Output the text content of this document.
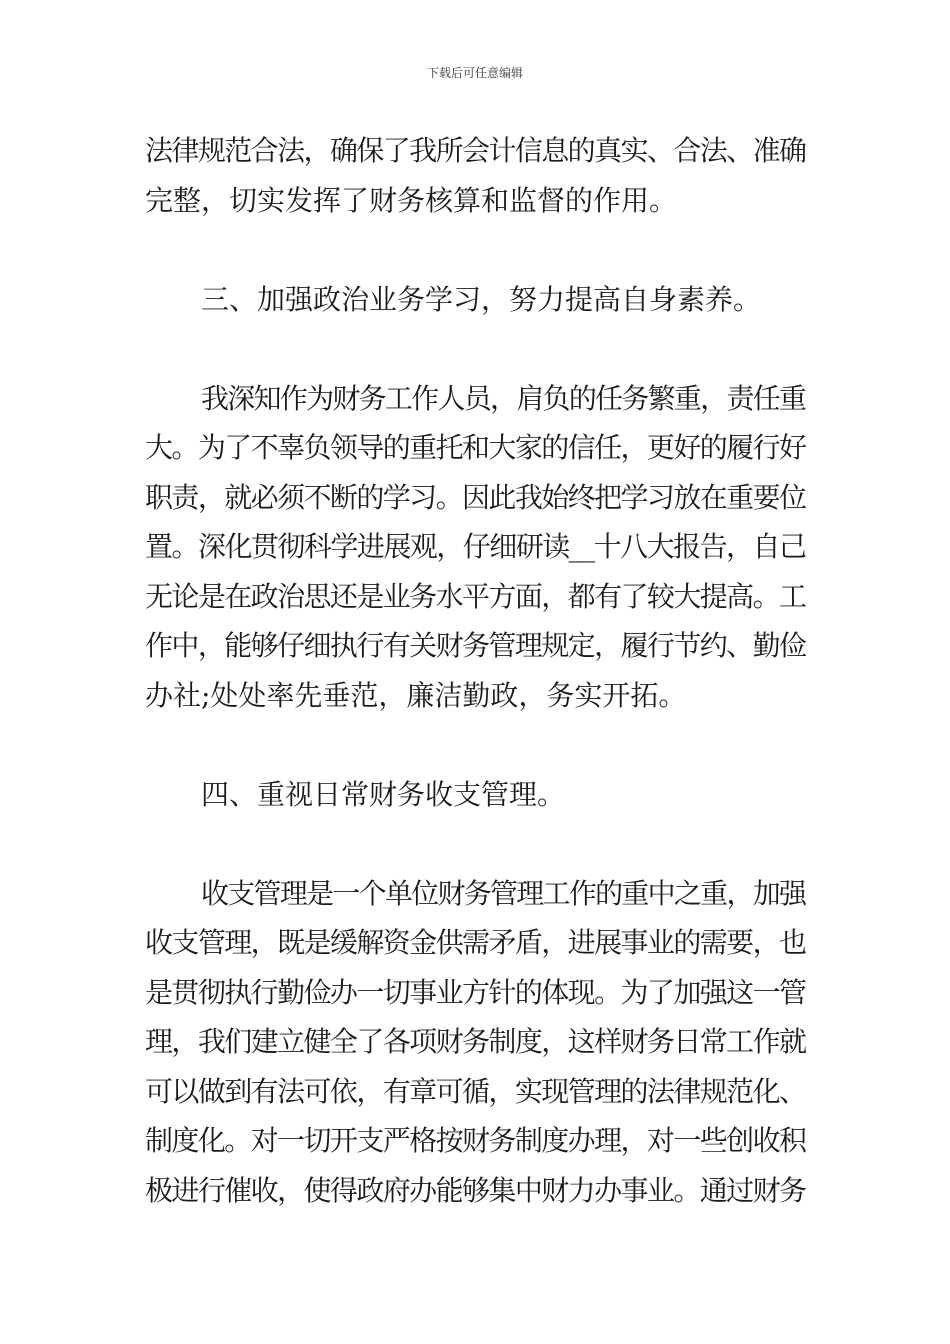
下载后可任意编辑
法律规范合法，确保了我所会计信息的真实、合法、准确
完整，切实发挥了财务核算和监督的作用。
三、加强政治业务学习，努力提高自身素养。
我深知作为财务工作人员，肩负的任务繁重，责任重
大。为了不辜负领导的重托和大家的信任，更好的履行好
职责，就必须不断的学习。因此我始终把学习放在重要位
置。深化贯彻科学进展观，仔细研读__十八大报告，自己
无论是在政治思还是业务水平方面，都有了较大提高。工
作中，能够仔细执行有关财务管理规定，履行节约、勤俭
办社;处处率先垂范，廉洁勤政，务实开拓。
四、重视日常财务收支管理。
收支管理是一个单位财务管理工作的重中之重，加强
收支管理，既是缓解资金供需矛盾，进展事业的需要，也
是贯彻执行勤俭办一切事业方针的体现。为了加强这一管
理，我们建立健全了各项财务制度，这样财务日常工作就
可以做到有法可依，有章可循，实现管理的法律规范化、
制度化。对一切开支严格按财务制度办理，对一些创收积
极进行催收，使得政府办能够集中财力办事业。通过财务
